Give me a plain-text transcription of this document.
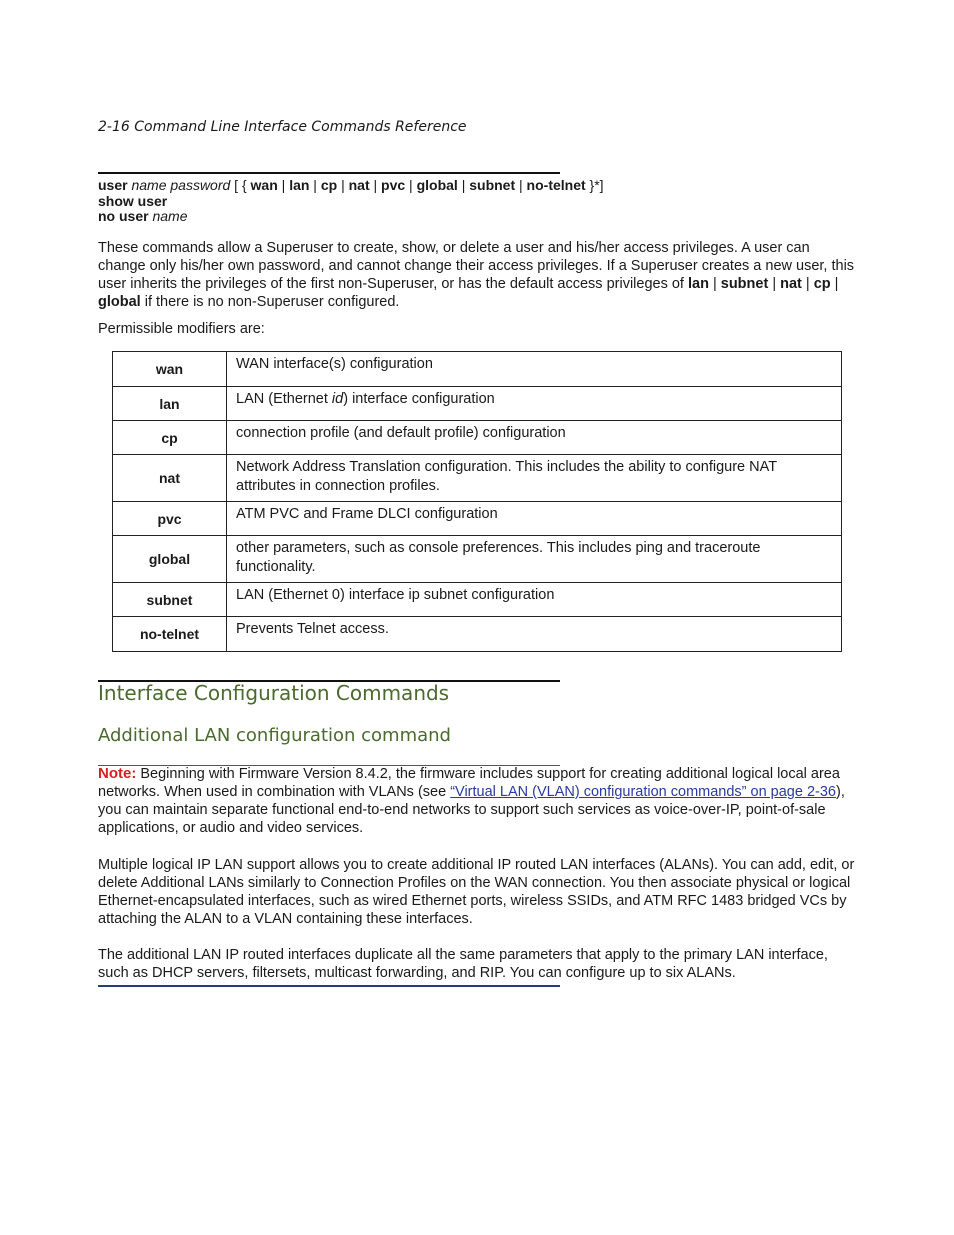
2-16 Command Line Interface Commands Reference
user name password [ { wan | lan | cp | nat | pvc | global | subnet | no-telnet }*]
show user
no user name
These commands allow a Superuser to create, show, or delete a user and his/her access privileges. A user can change only his/her own password, and cannot change their access privileges. If a Superuser creates a new user, this user inherits the privileges of the first non-Superuser, or has the default access privileges of lan | subnet | nat | cp | global if there is no non-Superuser configured.
Permissible modifiers are:
wan	WAN interface(s) configuration
lan	LAN (Ethernet id) interface configuration
cp	connection profile (and default profile) configuration
nat	Network Address Translation configuration. This includes the ability to configure NAT attributes in connection profiles.
pvc	ATM PVC and Frame DLCI configuration
global	other parameters, such as console preferences. This includes ping and traceroute functionality.
subnet	LAN (Ethernet 0) interface ip subnet configuration
no-telnet	Prevents Telnet access.
Interface Configuration Commands
Additional LAN configuration command
Note: Beginning with Firmware Version 8.4.2, the firmware includes support for creating additional logical local area networks. When used in combination with VLANs (see “Virtual LAN (VLAN) configuration commands” on page 2-36), you can maintain separate functional end-to-end networks to support such services as voice-over-IP, point-of-sale applications, or audio and video services.
Multiple logical IP LAN support allows you to create additional IP routed LAN interfaces (ALANs). You can add, edit, or delete Additional LANs similarly to Connection Profiles on the WAN connection. You then associate physical or logical Ethernet-encapsulated interfaces, such as wired Ethernet ports, wireless SSIDs, and ATM RFC 1483 bridged VCs by attaching the ALAN to a VLAN containing these interfaces.
The additional LAN IP routed interfaces duplicate all the same parameters that apply to the primary LAN interface, such as DHCP servers, filtersets, multicast forwarding, and RIP. You can configure up to six ALANs.
